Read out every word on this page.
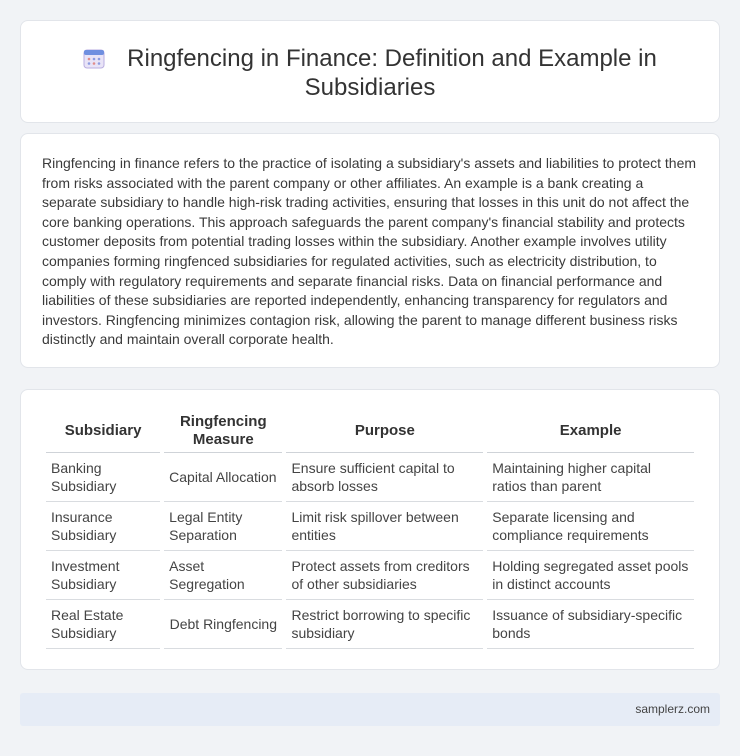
Ringfencing in Finance: Definition and Example in Subsidiaries

Ringfencing in finance refers to the practice of isolating a subsidiary's assets and liabilities to protect them from risks associated with the parent company or other affiliates. An example is a bank creating a separate subsidiary to handle high-risk trading activities, ensuring that losses in this unit do not affect the core banking operations. This approach safeguards the parent company's financial stability and protects customer deposits from potential trading losses within the subsidiary. Another example involves utility companies forming ringfenced subsidiaries for regulated activities, such as electricity distribution, to comply with regulatory requirements and separate financial risks. Data on financial performance and liabilities of these subsidiaries are reported independently, enhancing transparency for regulators and investors. Ringfencing minimizes contagion risk, allowing the parent to manage different business risks distinctly and maintain overall corporate health.

Subsidiary	Ringfencing Measure	Purpose	Example
Banking Subsidiary	Capital Allocation	Ensure sufficient capital to absorb losses	Maintaining higher capital ratios than parent
Insurance Subsidiary	Legal Entity Separation	Limit risk spillover between entities	Separate licensing and compliance requirements
Investment Subsidiary	Asset Segregation	Protect assets from creditors of other subsidiaries	Holding segregated asset pools in distinct accounts
Real Estate Subsidiary	Debt Ringfencing	Restrict borrowing to specific subsidiary	Issuance of subsidiary-specific bonds
samplerz.com
